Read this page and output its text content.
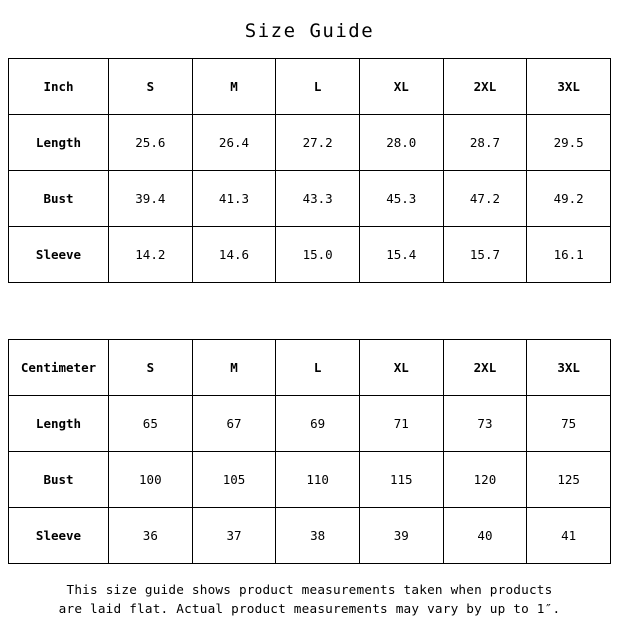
Size Guide
Inch	S	M	L	XL	2XL	3XL
Length	25.6	26.4	27.2	28.0	28.7	29.5
Bust	39.4	41.3	43.3	45.3	47.2	49.2
Sleeve	14.2	14.6	15.0	15.4	15.7	16.1
Centimeter	S	M	L	XL	2XL	3XL
Length	65	67	69	71	73	75
Bust	100	105	110	115	120	125
Sleeve	36	37	38	39	40	41
This size guide shows product measurements taken when products
are laid flat. Actual product measurements may vary by up to 1″.
